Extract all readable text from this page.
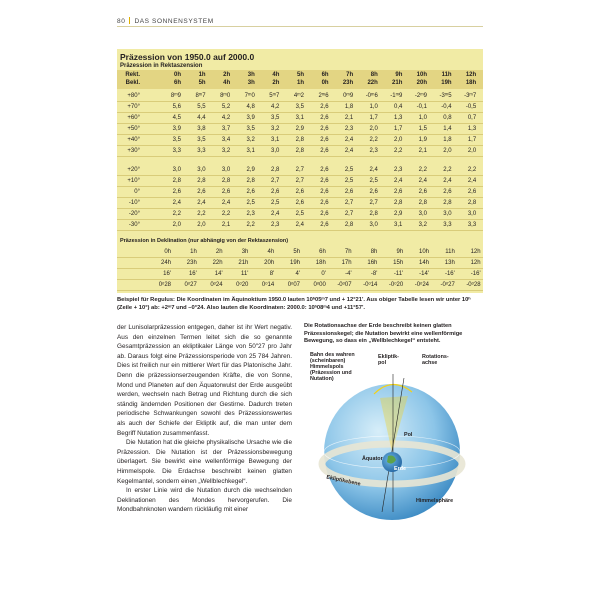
80 DAS SONNENSYSTEM
Präzession von 1950.0 auf 2000.0
Präzession in Rektaszension
Rekt.	0h	1h	2h	3h	4h	5h	6h	7h	8h	9h	10h	11h	12h
Bekl.	6h	5h	4h	3h	2h	1h	0h	23h	22h	21h	20h	19h	18h
+80°	8ᵐ9	8ᵐ7	8ᵐ0	7ᵐ0	5ᵐ7	4ᵐ2	2ᵐ6	0ᵐ9	-0ᵐ6	-1ᵐ9	-2ᵐ9	-3ᵐ5	-3ᵐ7
+70°	5,6	5,5	5,2	4,8	4,2	3,5	2,6	1,8	1,0	0,4	-0,1	-0,4	-0,5
+60°	4,5	4,4	4,2	3,9	3,5	3,1	2,6	2,1	1,7	1,3	1,0	0,8	0,7
+50°	3,9	3,8	3,7	3,5	3,2	2,9	2,6	2,3	2,0	1,7	1,5	1,4	1,3
+40°	3,5	3,5	3,4	3,2	3,1	2,8	2,6	2,4	2,2	2,0	1,9	1,8	1,7
+30°	3,3	3,3	3,2	3,1	3,0	2,8	2,6	2,4	2,3	2,2	2,1	2,0	2,0
+20°	3,0	3,0	3,0	2,9	2,8	2,7	2,6	2,5	2,4	2,3	2,2	2,2	2,2
+10°	2,8	2,8	2,8	2,8	2,7	2,7	2,6	2,5	2,5	2,4	2,4	2,4	2,4
0°	2,6	2,6	2,6	2,6	2,6	2,6	2,6	2,6	2,6	2,6	2,6	2,6	2,6
-10°	2,4	2,4	2,4	2,5	2,5	2,6	2,6	2,7	2,7	2,8	2,8	2,8	2,8
-20°	2,2	2,2	2,2	2,3	2,4	2,5	2,6	2,7	2,8	2,9	3,0	3,0	3,0
-30°	2,0	2,0	2,1	2,2	2,3	2,4	2,6	2,8	3,0	3,1	3,2	3,3	3,3
Präzession in Deklination (nur abhängig von der Rektaszension)
0h	1h	2h	3h	4h	5h	6h	7h	8h	9h	10h	11h	12h
24h	23h	22h	21h	20h	19h	18h	17h	16h	15h	14h	13h	12h
16'	16'	14'	11'	8'	4'	0'	-4'	-8'	-11'	-14'	-16'	-16'
0ᵒ28	0ᵒ27	0ᵒ24	0ᵒ20	0ᵒ14	0ᵒ07	0ᵒ00	-0ᵒ07	-0ᵒ14	-0ᵒ20	-0ᵒ24	-0ᵒ27	-0ᵒ28
Beispiel für Regulus: Die Koordinaten im Äquinoktium 1950.0 lauten 10ʰ05ᵐ7 und + 12°21'. Aus obiger Tabelle lesen wir unter 10ʰ (Zeile + 10°) ab: +2ᵐ7 und –0°24. Also lauten die Koordinaten: 2000.0: 10ʰ08ᵐ4 und +11°57'.

der Lunisolarpräzession entgegen, daher ist ihr Wert negativ. Aus den einzelnen Termen leitet sich die so genannte Gesamtpräzession an ekliptikaler Länge von 50″27 pro Jahr ab. Daraus folgt eine Präzessionsperiode von 25 784 Jahren. Dies ist freilich nur ein mittlerer Wert für das Platonische Jahr. Denn die präzessionserzeugenden Kräfte, die von Sonne, Mond und Planeten auf den Äquatorwulst der Erde ausgeübt werden, wechseln nach Betrag und Richtung durch die sich ständig ändernden Positionen der Gestirne. Dadurch treten periodische Schwankungen sowohl des Präzessionswertes als auch der Schiefe der Ekliptik auf, die man unter dem Begriff Nutation zusammenfasst.

Die Nutation hat die gleiche physikalische Ursache wie die Präzession. Die Nutation ist der Präzessionsbewegung überlagert. Sie bewirkt eine wellenförmige Bewegung der Himmelspole. Die Erdachse beschreibt keinen glatten Kegelmantel, sondern einen „Wellblechkegel“.

In erster Linie wird die Nutation durch die wechselnden Deklinationen des Mondes hervorgerufen. Die Mondbahnknoten wandern rückläufig mit einer

Die Rotationsachse der Erde beschreibt keinen glatten Präzessionskegel; die Nutation bewirkt eine wellenförmige Bewegung, so dass ein „Wellblechkegel“ entsteht.
Bahn des wahren
(scheinbaren)
Himmelspols
(Präzession und
Nutation)
Ekliptik-
pol
Rotations-
achse
2000
Pol
Äquator
Erde
Ekliptikebene
Himmelsphäre
